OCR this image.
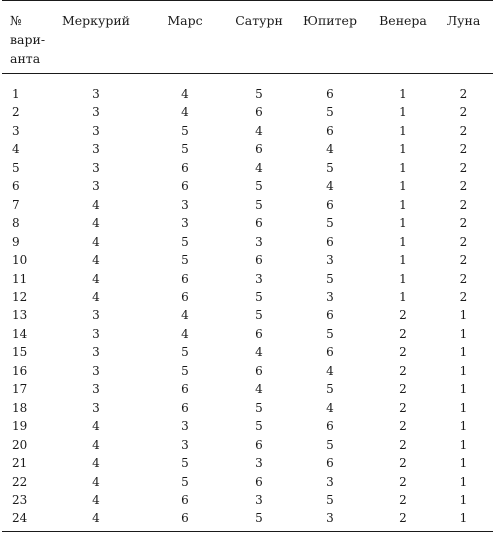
№
вари-
анта	Меркурий	Марс	Сатурн	Юпитер	Венера	Луна
1	3	4	5	6	1	2
2	3	4	6	5	1	2
3	3	5	4	6	1	2
4	3	5	6	4	1	2
5	3	6	4	5	1	2
6	3	6	5	4	1	2
7	4	3	5	6	1	2
8	4	3	6	5	1	2
9	4	5	3	6	1	2
10	4	5	6	3	1	2
11	4	6	3	5	1	2
12	4	6	5	3	1	2
13	3	4	5	6	2	1
14	3	4	6	5	2	1
15	3	5	4	6	2	1
16	3	5	6	4	2	1
17	3	6	4	5	2	1
18	3	6	5	4	2	1
19	4	3	5	6	2	1
20	4	3	6	5	2	1
21	4	5	3	6	2	1
22	4	5	6	3	2	1
23	4	6	3	5	2	1
24	4	6	5	3	2	1
